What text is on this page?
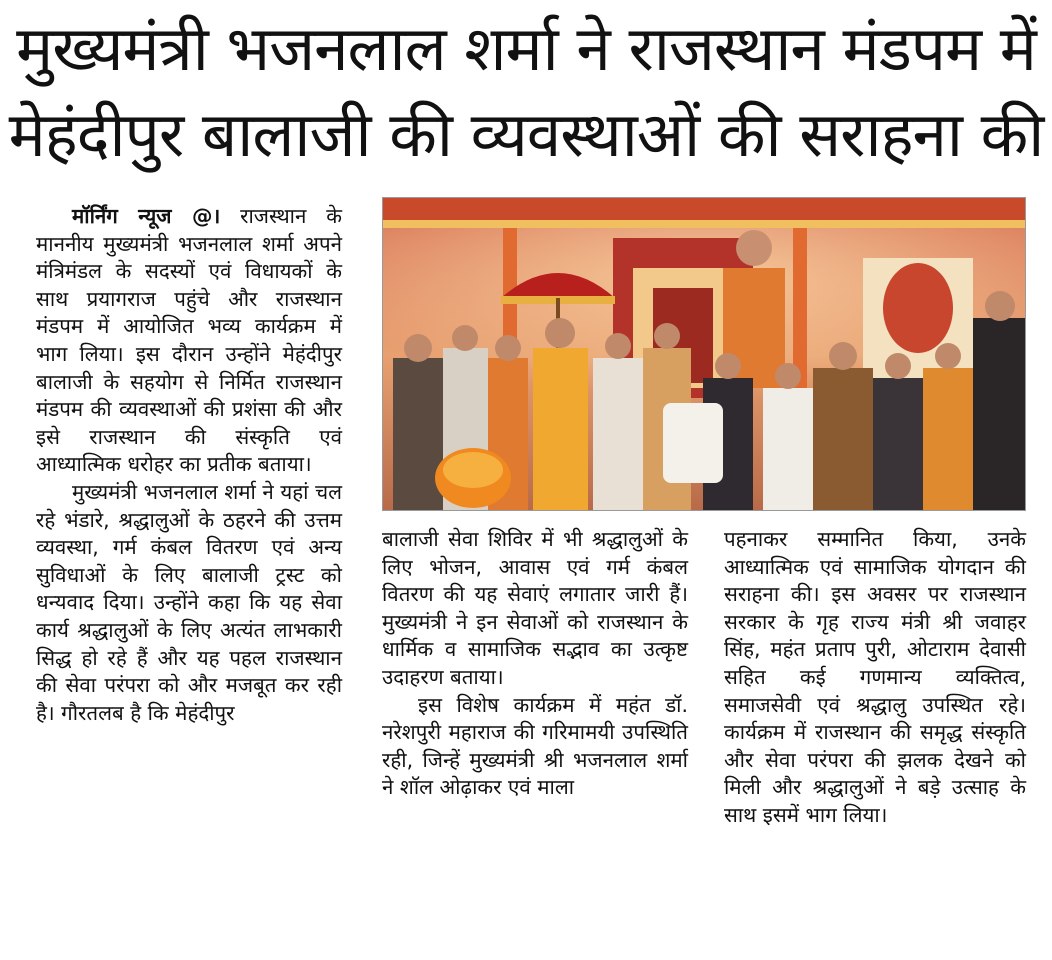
मुख्यमंत्री भजनलाल शर्मा ने राजस्थान मंडपम में
मेहंदीपुर बालाजी की व्यवस्थाओं की सराहना की

मॉर्निंग न्यूज @। राजस्थान के माननीय मुख्यमंत्री भजनलाल शर्मा अपने मंत्रिमंडल के सदस्यों एवं विधायकों के साथ प्रयागराज पहुंचे और राजस्थान मंडपम में आयोजित भव्य कार्यक्रम में भाग लिया। इस दौरान उन्होंने मेहंदीपुर बालाजी के सहयोग से निर्मित राजस्थान मंडपम की व्यवस्थाओं की प्रशंसा की और इसे राजस्थान की संस्कृति एवं आध्यात्मिक धरोहर का प्रतीक बताया।

मुख्यमंत्री भजनलाल शर्मा ने यहां चल रहे भंडारे, श्रद्धालुओं के ठहरने की उत्तम व्यवस्था, गर्म कंबल वितरण एवं अन्य सुविधाओं के लिए बालाजी ट्रस्ट को धन्यवाद दिया। उन्होंने कहा कि यह सेवा कार्य श्रद्धालुओं के लिए अत्यंत लाभकारी सिद्ध हो रहे हैं और यह पहल राजस्थान की सेवा परंपरा को और मजबूत कर रही है। गौरतलब है कि मेहंदीपुर

बालाजी सेवा शिविर में भी श्रद्धालुओं के लिए भोजन, आवास एवं गर्म कंबल वितरण की यह सेवाएं लगातार जारी हैं। मुख्यमंत्री ने इन सेवाओं को राजस्थान के धार्मिक व सामाजिक सद्भाव का उत्कृष्ट उदाहरण बताया।

इस विशेष कार्यक्रम में महंत डॉ. नरेशपुरी महाराज की गरिमामयी उपस्थिति रही, जिन्हें मुख्यमंत्री श्री भजनलाल शर्मा ने शॉल ओढ़ाकर एवं माला

पहनाकर सम्मानित किया, उनके आध्यात्मिक एवं सामाजिक योगदान की सराहना की। इस अवसर पर राजस्थान सरकार के गृह राज्य मंत्री श्री जवाहर सिंह, महंत प्रताप पुरी, ओटाराम देवासी सहित कई गणमान्य व्यक्तित्व, समाजसेवी एवं श्रद्धालु उपस्थित रहे। कार्यक्रम में राजस्थान की समृद्ध संस्कृति और सेवा परंपरा की झलक देखने को मिली और श्रद्धालुओं ने बड़े उत्साह के साथ इसमें भाग लिया।
